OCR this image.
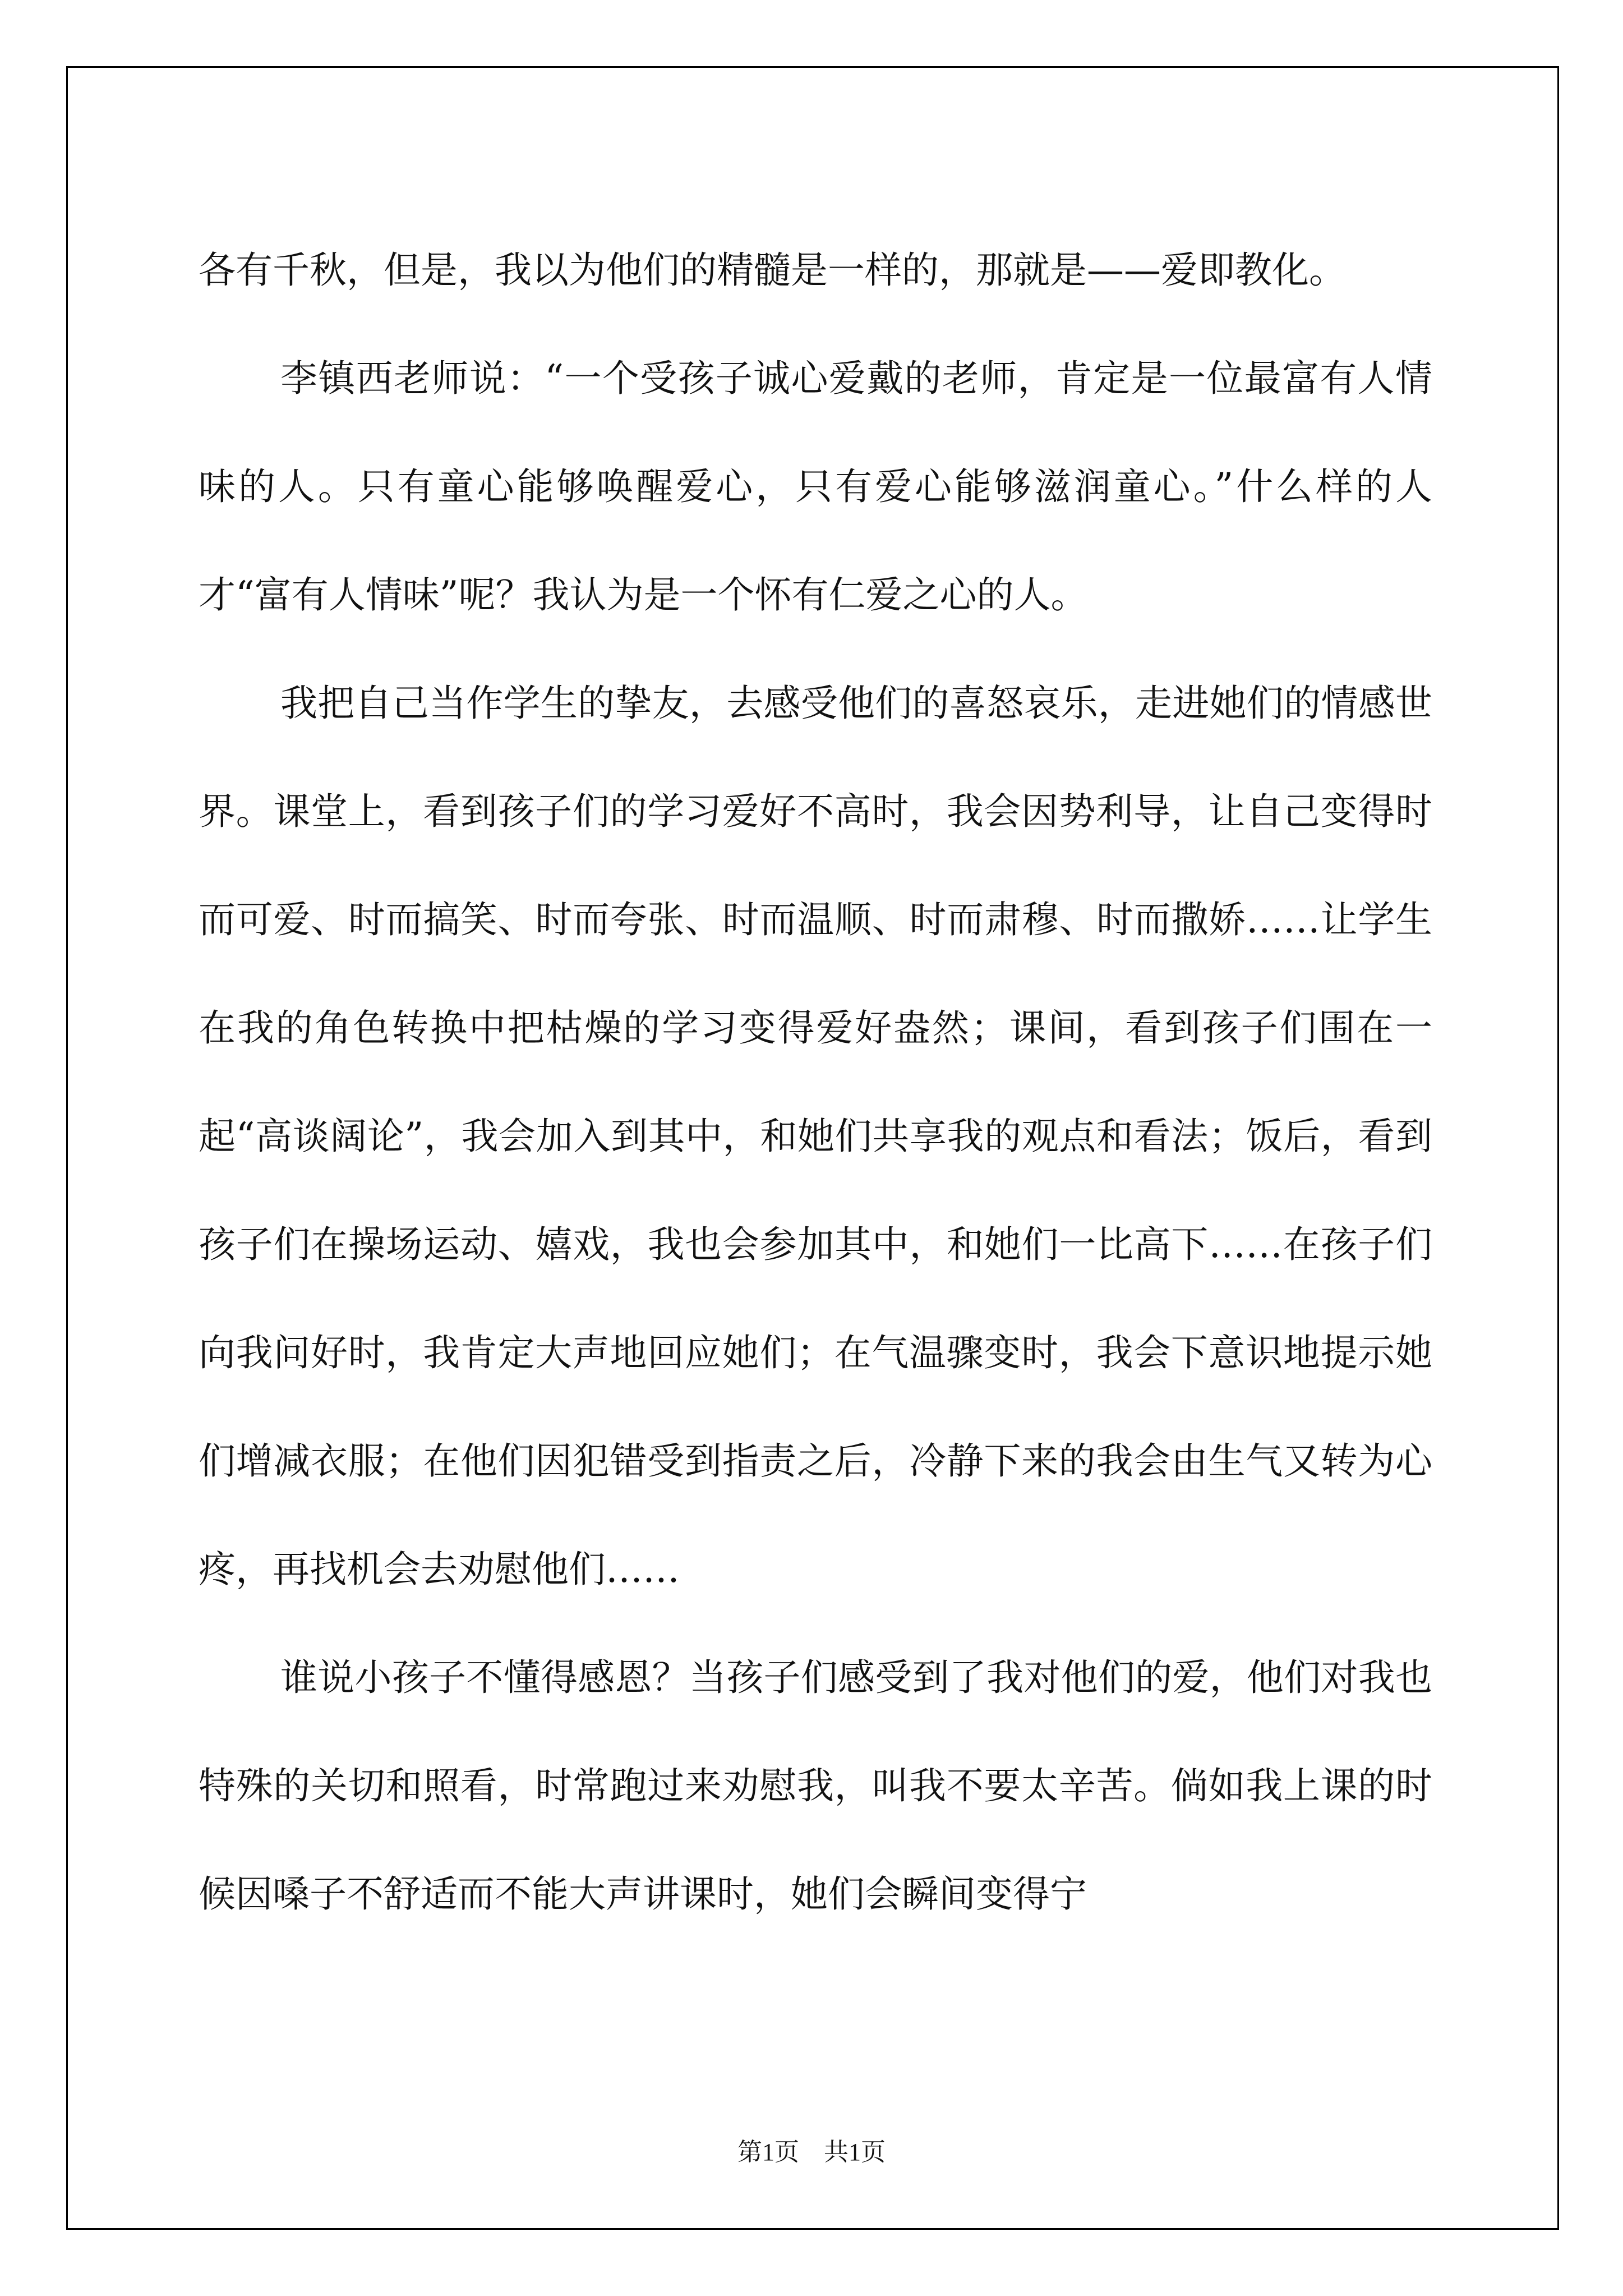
各有千秋，但是，我以为他们的精髓是一样的，那就是——爱即教化。

李镇西老师说：“一个受孩子诚心爱戴的老师，肯定是一位最富有人情味的人。只有童心能够唤醒爱心，只有爱心能够滋润童心。”什么样的人才“富有人情味”呢？我认为是一个怀有仁爱之心的人。

我把自己当作学生的挚友，去感受他们的喜怒哀乐，走进她们的情感世界。课堂上，看到孩子们的学习爱好不高时，我会因势利导，让自己变得时而可爱、时而搞笑、时而夸张、时而温顺、时而肃穆、时而撒娇……让学生在我的角色转换中把枯燥的学习变得爱好盎然；课间，看到孩子们围在一起“高谈阔论”，我会加入到其中，和她们共享我的观点和看法；饭后，看到孩子们在操场运动、嬉戏，我也会参加其中，和她们一比高下……在孩子们向我问好时，我肯定大声地回应她们；在气温骤变时，我会下意识地提示她们增减衣服；在他们因犯错受到指责之后，冷静下来的我会由生气又转为心疼，再找机会去劝慰他们……

谁说小孩子不懂得感恩？当孩子们感受到了我对他们的爱，他们对我也特殊的关切和照看，时常跑过来劝慰我，叫我不要太辛苦。倘如我上课的时候因嗓子不舒适而不能大声讲课时，她们会瞬间变得宁

第1页　共1页
